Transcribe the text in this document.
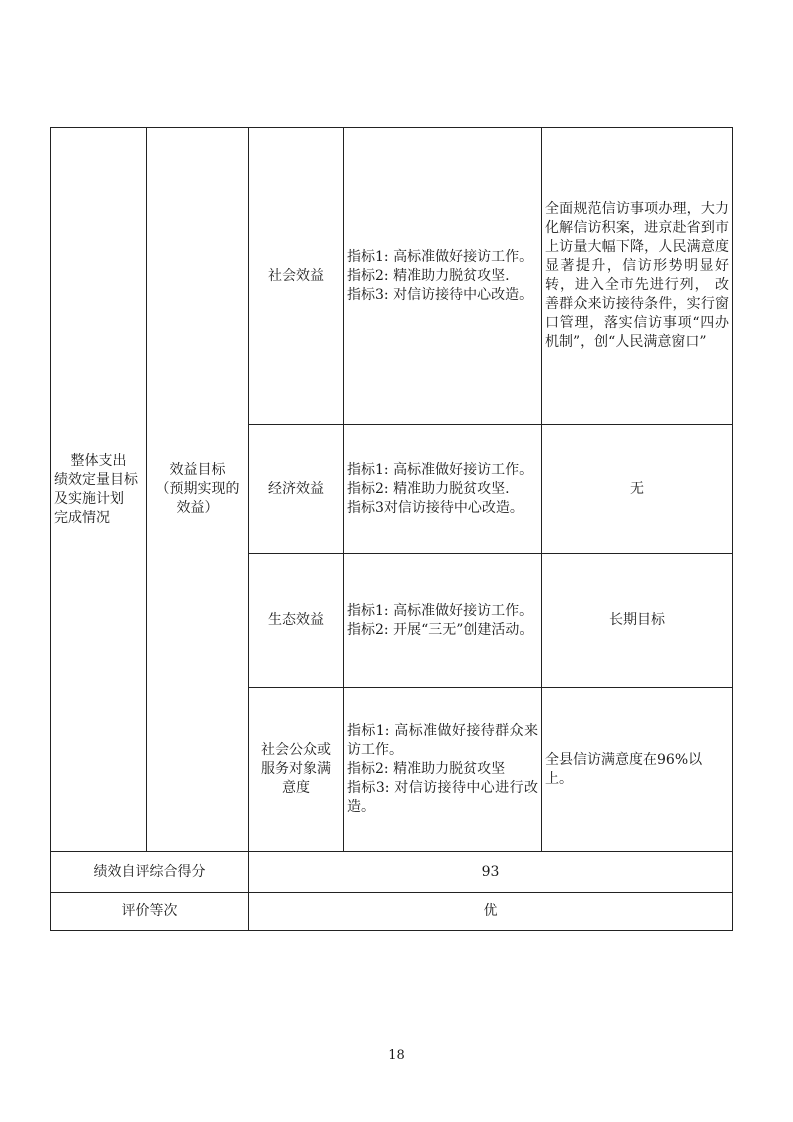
整体支出
绩效定量目标
及实施计划
完成情况	效益目标
（预期实现的
效益）	社会效益	指标1: 高标准做好接访工作。
指标2: 精准助力脱贫攻坚.
指标3: 对信访接待中心改造。	全面规范信访事项办理，大力化解信访积案，进京赴省到市上访量大幅下降，人民满意度显著提升，信访形势明显好转，进入全市先进行列， 改善群众来访接待条件，实行窗口管理，落实信访事项“四办机制”，创“人民满意窗口”

		经济效益	指标1: 高标准做好接访工作。
指标2: 精准助力脱贫攻坚.
指标3对信访接待中心改造。	无

		生态效益	指标1: 高标准做好接访工作。
指标2: 开展“三无”创建活动。	长期目标

		社会公众或
服务对象满
意度	指标1: 高标准做好接待群众来访工作。
指标2: 精准助力脱贫攻坚
指标3: 对信访接待中心进行改造。	全县信访满意度在96%以上。
绩效自评综合得分		93		
评价等次		优		
18
